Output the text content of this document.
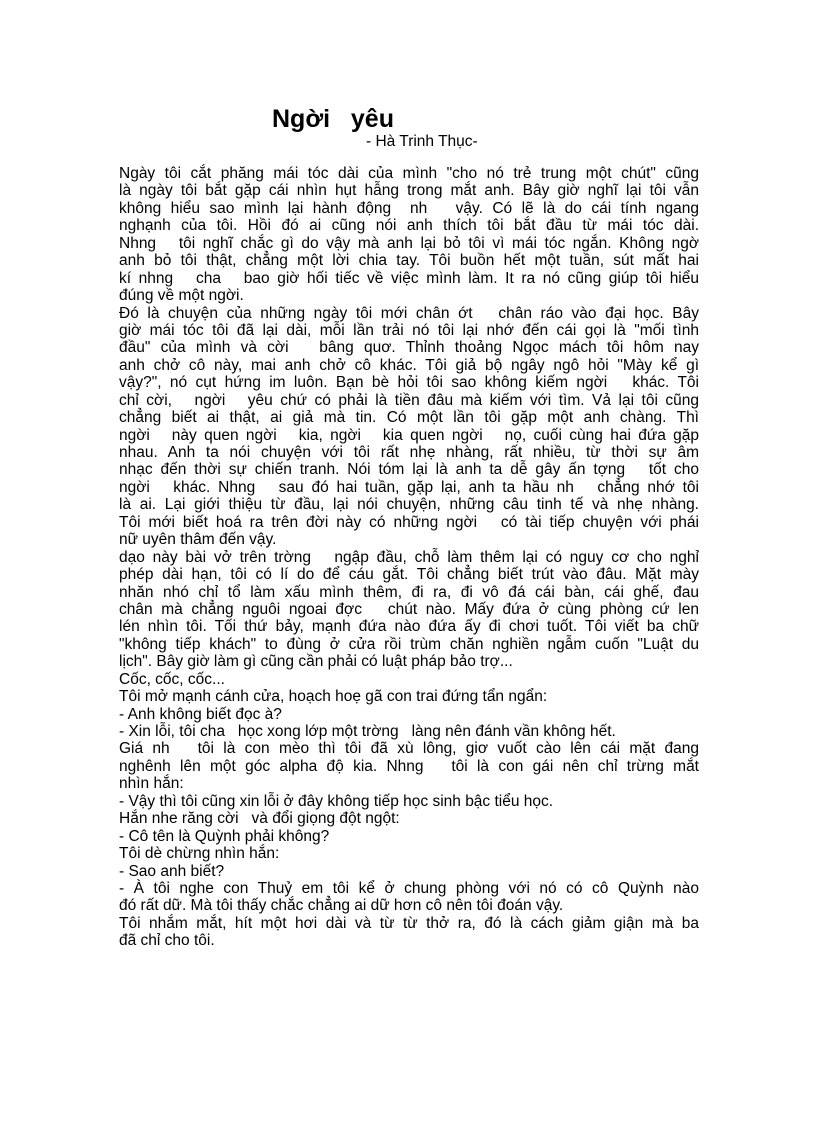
Ngời   yêu
- Hà Trinh Thục-
Ngày tôi cắt phăng mái tóc dài của mình "cho nó trẻ trung một chút" cũng
là ngày tôi bắt gặp cái nhìn hụt hẫng trong mắt anh. Bây giờ nghĩ lại tôi vẫn
không hiểu sao mình lại hành động  nh   vậy. Có lẽ là do cái tính ngang
nghạnh của tôi. Hồi đó ai cũng nói anh thích tôi bắt đầu từ mái tóc dài.
Nhng   tôi nghĩ chắc gì do vậy mà anh lại bỏ tôi vì mái tóc ngắn. Không ngờ
anh bỏ tôi thật, chẳng một lời chia tay. Tôi buồn hết một tuần, sút mất hai
kí nhng   cha   bao giờ hối tiếc về việc mình làm. It ra nó cũng giúp tôi hiểu
đúng về một ngời.
Đó là chuyện của những ngày tôi mới chân ớt   chân ráo vào đại học. Bây
giờ mái tóc tôi đã lại dài, mỗi lần trải nó tôi lại nhớ đến cái gọi là "mối tình
đầu" của mình và cời   bâng quơ. Thỉnh thoảng Ngọc mách tôi hôm nay
anh chở cô này, mai anh chở cô khác. Tôi giả bộ ngây ngô hỏi "Mày kể gì
vậy?", nó cụt hứng im luôn. Bạn bè hỏi tôi sao không kiếm ngời   khác. Tôi
chỉ cời,   ngời   yêu chứ có phải là tiền đâu mà kiếm với tìm. Vả lại tôi cũng
chẳng biết ai thật, ai giả mà tin. Có một lần tôi gặp một anh chàng. Thì
ngời   này quen ngời   kia, ngời   kia quen ngời   nọ, cuối cùng hai đứa gặp
nhau. Anh ta nói chuyện với tôi rất nhẹ nhàng, rất nhiều, từ thời sự âm
nhạc đến thời sự chiến tranh. Nói tóm lại là anh ta dễ gây ấn tợng   tốt cho
ngời   khác. Nhng   sau đó hai tuần, gặp lại, anh ta hầu nh   chẳng nhớ tôi
là ai. Lại giới thiệu từ đầu, lại nói chuyện, những câu tinh tế và nhẹ nhàng.
Tôi mới biết hoá ra trên đời này có những ngời   có tài tiếp chuyện với phái
nữ uyên thâm đến vậy.
dạo này bài vở trên trờng   ngập đầu, chỗ làm thêm lại có nguy cơ cho nghỉ
phép dài hạn, tôi có lí do để cáu gắt. Tôi chẳng biết trút vào đâu. Mặt mày
nhăn nhó chỉ tổ làm xấu mình thêm, đi ra, đi vô đá cái bàn, cái ghế, đau
chân mà chẳng nguôi ngoai đợc   chút nào. Mấy đứa ở cùng phòng cứ len
lén nhìn tôi. Tối thứ bảy, mạnh đứa nào đứa ấy đi chơi tuốt. Tôi viết ba chữ
"không tiếp khách" to đùng ở cửa rồi trùm chăn nghiền ngẫm cuốn "Luật du
lịch". Bây giờ làm gì cũng cần phải có luật pháp bảo trợ...
Cốc, cốc, cốc...
Tôi mở mạnh cánh cửa, hoạch hoẹ gã con trai đứng tẩn ngẩn:
- Anh không biết đọc à?
- Xin lỗi, tôi cha   học xong lớp một trờng   làng nên đánh vần không hết.
Giá nh   tôi là con mèo thì tôi đã xù lông, giơ vuốt cào lên cái mặt đang
nghênh lên một góc alpha độ kia. Nhng   tôi là con gái nên chỉ trừng mắt
nhìn hắn:
- Vậy thì tôi cũng xin lỗi ở đây không tiếp học sinh bậc tiểu học.
Hắn nhe răng cời   và đổi giọng đột ngột:
- Cô tên là Quỳnh phải không?
Tôi dè chừng nhìn hắn:
- Sao anh biết?
- À tôi nghe con Thuỷ em tôi kể ở chung phòng với nó có cô Quỳnh nào
đó rất dữ. Mà tôi thấy chắc chẳng ai dữ hơn cô nên tôi đoán vậy.
Tôi nhắm mắt, hít một hơi dài và từ từ thở ra, đó là cách giảm giận mà ba
đã chỉ cho tôi.
